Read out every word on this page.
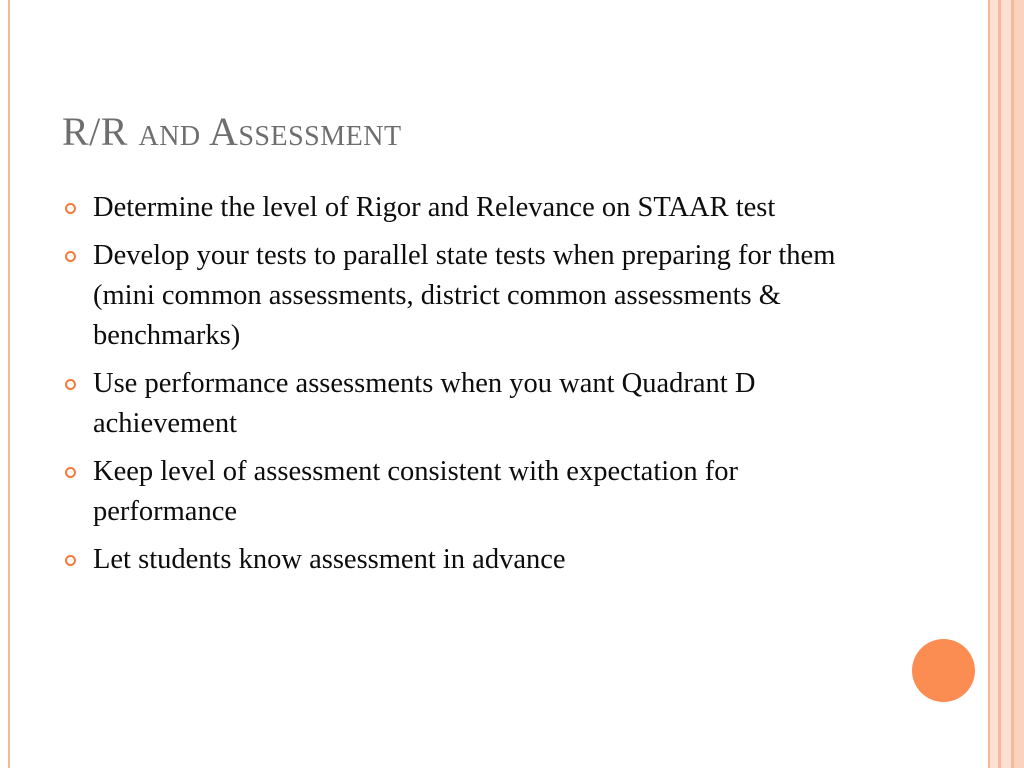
R/R and Assessment
Determine the level of Rigor and Relevance on STAAR test
Develop your tests to parallel state tests when preparing for them (mini common assessments, district common assessments & benchmarks)
Use performance assessments when you want Quadrant D achievement
Keep level of assessment consistent with expectation for performance
Let students know assessment in advance
